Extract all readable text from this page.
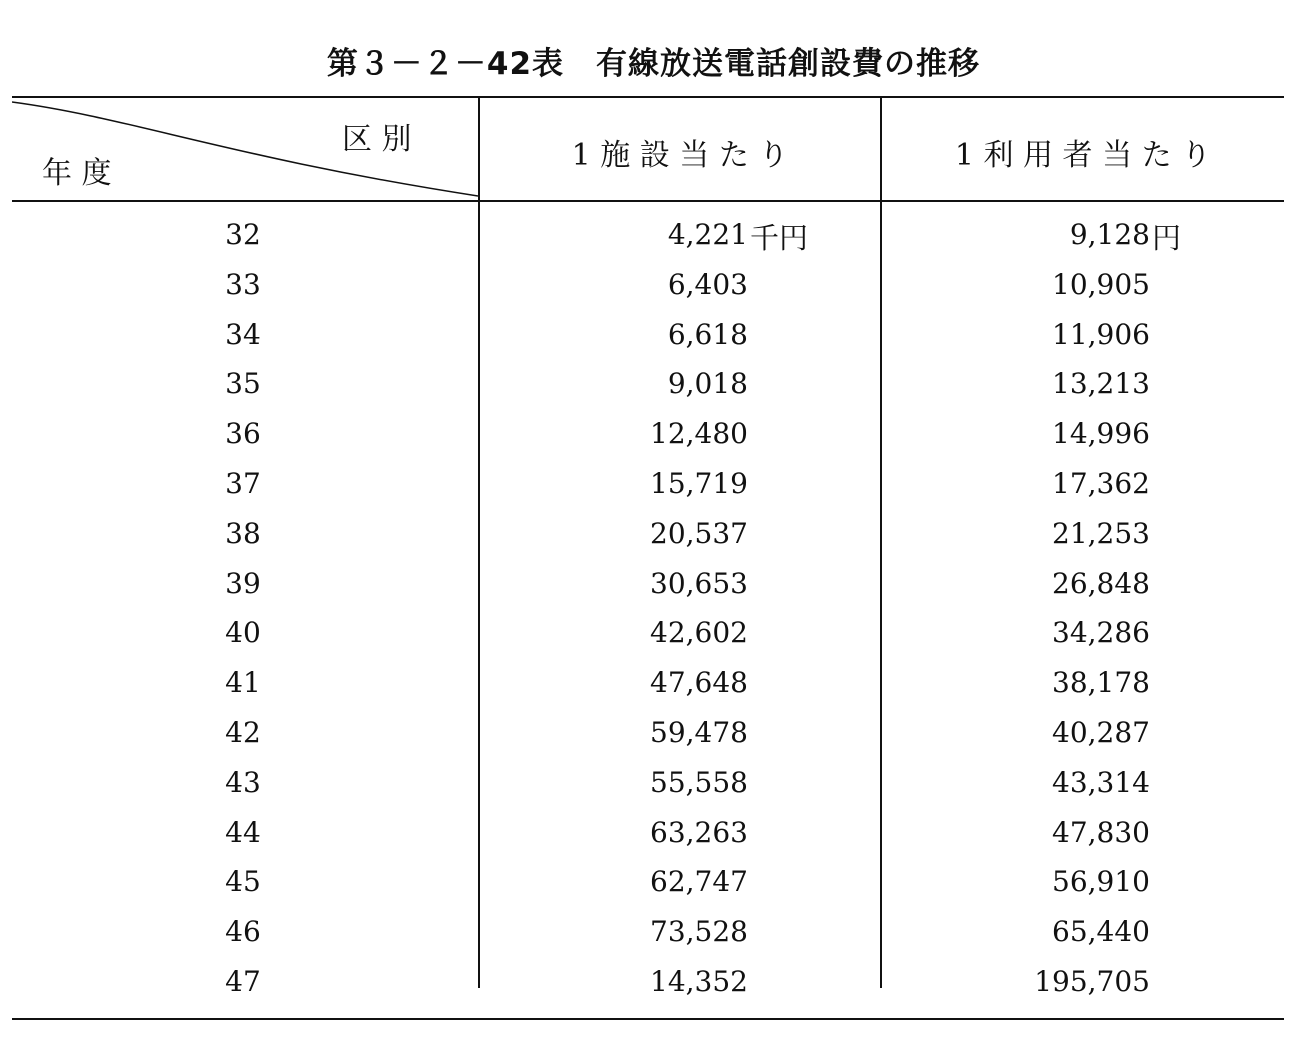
第３－２－42表　有線放送電話創設費の推移
区 別
年 度
1 施 設 当 た り	1 利 用 者 当 た り
32	4,221 千円	9,128 円
33	6,403	10,905
34	6,618	11,906
35	9,018	13,213
36	12,480	14,996
37	15,719	17,362
38	20,537	21,253
39	30,653	26,848
40	42,602	34,286
41	47,648	38,178
42	59,478	40,287
43	55,558	43,314
44	63,263	47,830
45	62,747	56,910
46	73,528	65,440
47	14,352	195,705
